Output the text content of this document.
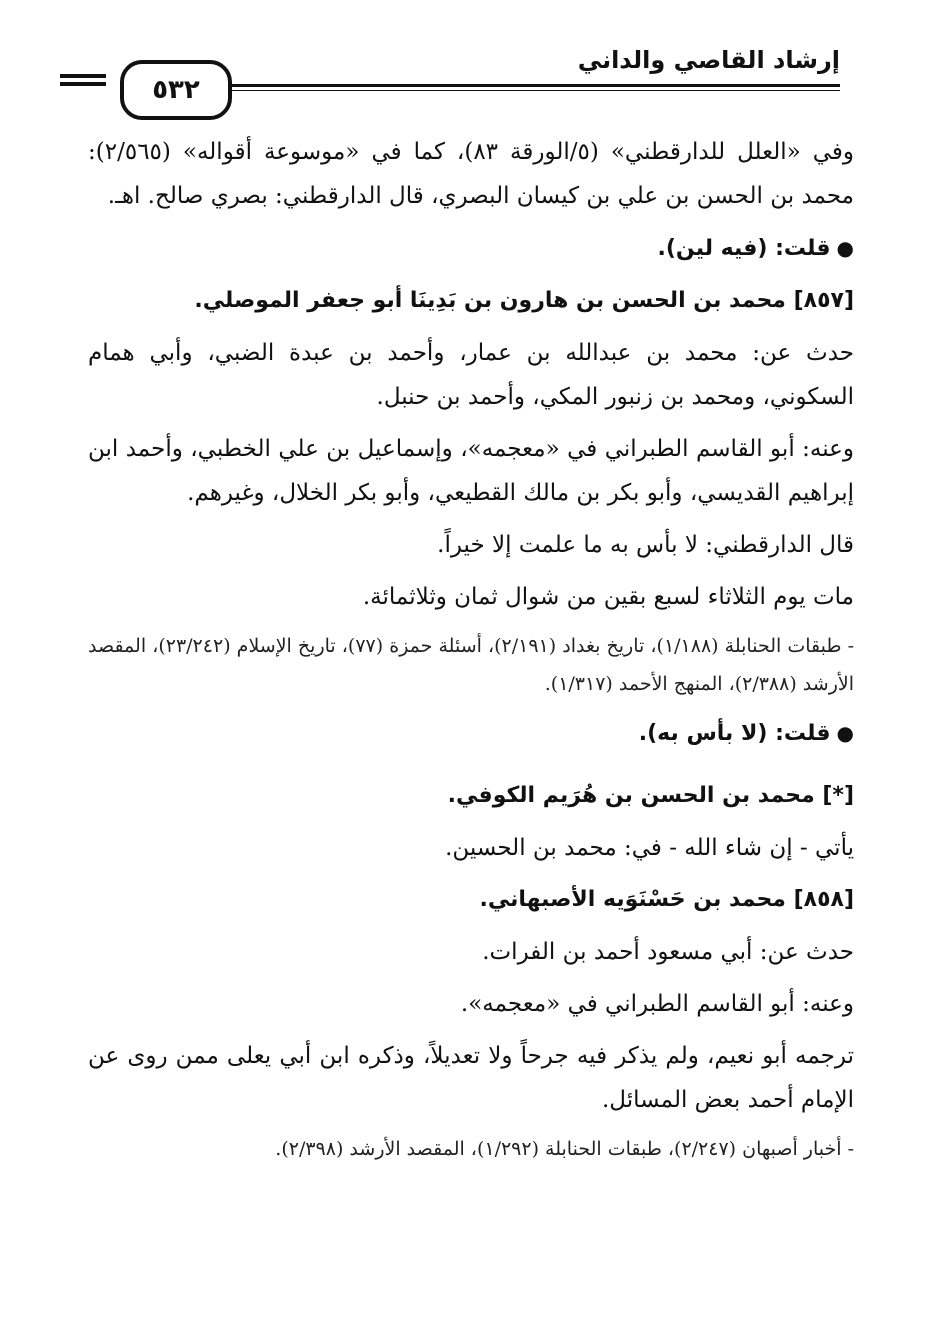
٥٣٢
إرشاد القاصي والداني

وفي «العلل للدارقطني» (٥/الورقة ٨٣)، كما في «موسوعة أقواله» (٢/٥٦٥): محمد بن الحسن بن علي بن كيسان البصري، قال الدارقطني: بصري صالح. اهـ.

●قلت: (فيه لين).

[٨٥٧] محمد بن الحسن بن هارون بن بَدِينَا أبو جعفر الموصلي.

حدث عن: محمد بن عبدالله بن عمار، وأحمد بن عبدة الضبي، وأبي همام السكوني، ومحمد بن زنبور المكي، وأحمد بن حنبل.

وعنه: أبو القاسم الطبراني في «معجمه»، وإسماعيل بن علي الخطبي، وأحمد ابن إبراهيم القديسي، وأبو بكر بن مالك القطيعي، وأبو بكر الخلال، وغيرهم.

قال الدارقطني: لا بأس به ما علمت إلا خيراً.

مات يوم الثلاثاء لسبع بقين من شوال ثمان وثلاثمائة.

- طبقات الحنابلة (١/١٨٨)، تاريخ بغداد (٢/١٩١)، أسئلة حمزة (٧٧)، تاريخ الإسلام (٢٣/٢٤٢)، المقصد الأرشد (٢/٣٨٨)، المنهج الأحمد (١/٣١٧).

●قلت: (لا بأس به).

[*] محمد بن الحسن بن هُرَيم الكوفي.

يأتي - إن شاء الله - في: محمد بن الحسين.

[٨٥٨] محمد بن حَسْنَوَيه الأصبهاني.

حدث عن: أبي مسعود أحمد بن الفرات.

وعنه: أبو القاسم الطبراني في «معجمه».

ترجمه أبو نعيم، ولم يذكر فيه جرحاً ولا تعديلاً، وذكره ابن أبي يعلى ممن روى عن الإمام أحمد بعض المسائل.

- أخبار أصبهان (٢/٢٤٧)، طبقات الحنابلة (١/٢٩٢)، المقصد الأرشد (٢/٣٩٨).
